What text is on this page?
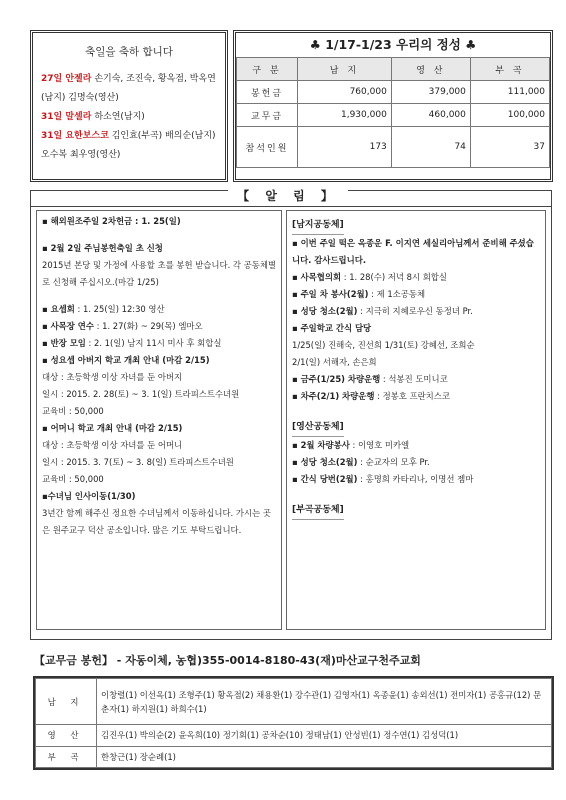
축일을 축하 합니다
27일 안젤라 손기숙, 조진숙, 황옥점, 박옥연 (남지) 김명숙(영산)
31일 말셀라 하소연(남지)
31일 요한보스코 김인효(부곡) 배의순(남지) 오수복 최우영(영산)
♣ 1/17-1/23 우리의 정성 ♣
구 분	남 지	영 산	부 곡
봉헌금	760,000	379,000	111,000
교무금	1,930,000	460,000	100,000
참석인원	173	74	37
【 알 림 】
▪ 해외원조주일 2차헌금 : 1. 25(일)
▪ 2월 2일 주님봉헌축일 초 신청
2015년 본당 및 가정에 사용할 초를 봉헌 받습니다. 각 공동체별로 신청해 주십시오.(마감 1/25)
▪ 요셉회 : 1. 25(일) 12:30 영산
▪ 사목장 연수 : 1. 27(화) ~ 29(목) 엠마오
▪ 반장 모임 : 2. 1(일) 남지 11시 미사 후 회합실
▪ 성요셉 아버지 학교 개최 안내 (마감 2/15)
대상 : 초등학생 이상 자녀를 둔 아버지
일시 : 2015. 2. 28(토) ~ 3. 1(일) 트라피스트수녀원
교육비 : 50,000
▪ 어머니 학교 개최 안내 (마감 2/15)
대상 : 초등학생 이상 자녀를 둔 어머니
일시 : 2015. 3. 7(토) ~ 3. 8(일) 트라피스트수녀원
교육비 : 50,000
▪수녀님 인사이동(1/30)
3년간 함께 해주신 정요한 수녀님께서 이동하십니다. 가시는 곳은 원주교구 덕산 공소입니다. 많은 기도 부탁드립니다.
[남지공동체]
▪ 이번 주일 떡은 옥종운 F. 이지연 세실리아님께서 준비해 주셨습니다. 감사드립니다.
▪ 사목협의회 : 1. 28(수) 저녁 8시 회합실
▪ 주일 차 봉사(2월) : 제 1소공동체
▪ 성당 청소(2월) : 지극히 지혜로우신 동정녀 Pr.
▪ 주일학교 간식 담당
1/25(일) 진해숙, 진선희 1/31(토) 강혜선, 조희순
2/1(일) 서해자, 손은희
▪ 금주(1/25) 차량운행 : 석봉진 도미니코
▪ 차주(2/1) 차량운행 : 정봉호 프란치스코
[영산공동체]
▪ 2월 차량봉사 : 이영호 미카엘
▪ 성당 청소(2월) : 순교자의 모후 Pr.
▪ 간식 당번(2월) : 홍명희 카타리나, 이명선 젬마
[부곡공동체]
【교무금 봉헌】 - 자동이체, 농협)355-0014-8180-43(재)마산교구천주교회
남 지	이창렬(1) 이선옥(1) 조형주(1) 황옥점(2) 채용환(1) 강수관(1) 김영자(1) 옥종윤(1) 송외선(1) 전미자(1) 공홍규(12) 문춘자(1) 하지원(1) 하희수(1)
영 산	김진우(1) 박의순(2) 윤옥희(10) 정기회(1) 공차순(10) 정태남(1) 안성빈(1) 정수연(1) 김성덕(1)
부 곡	한창근(1) 장순례(1)
